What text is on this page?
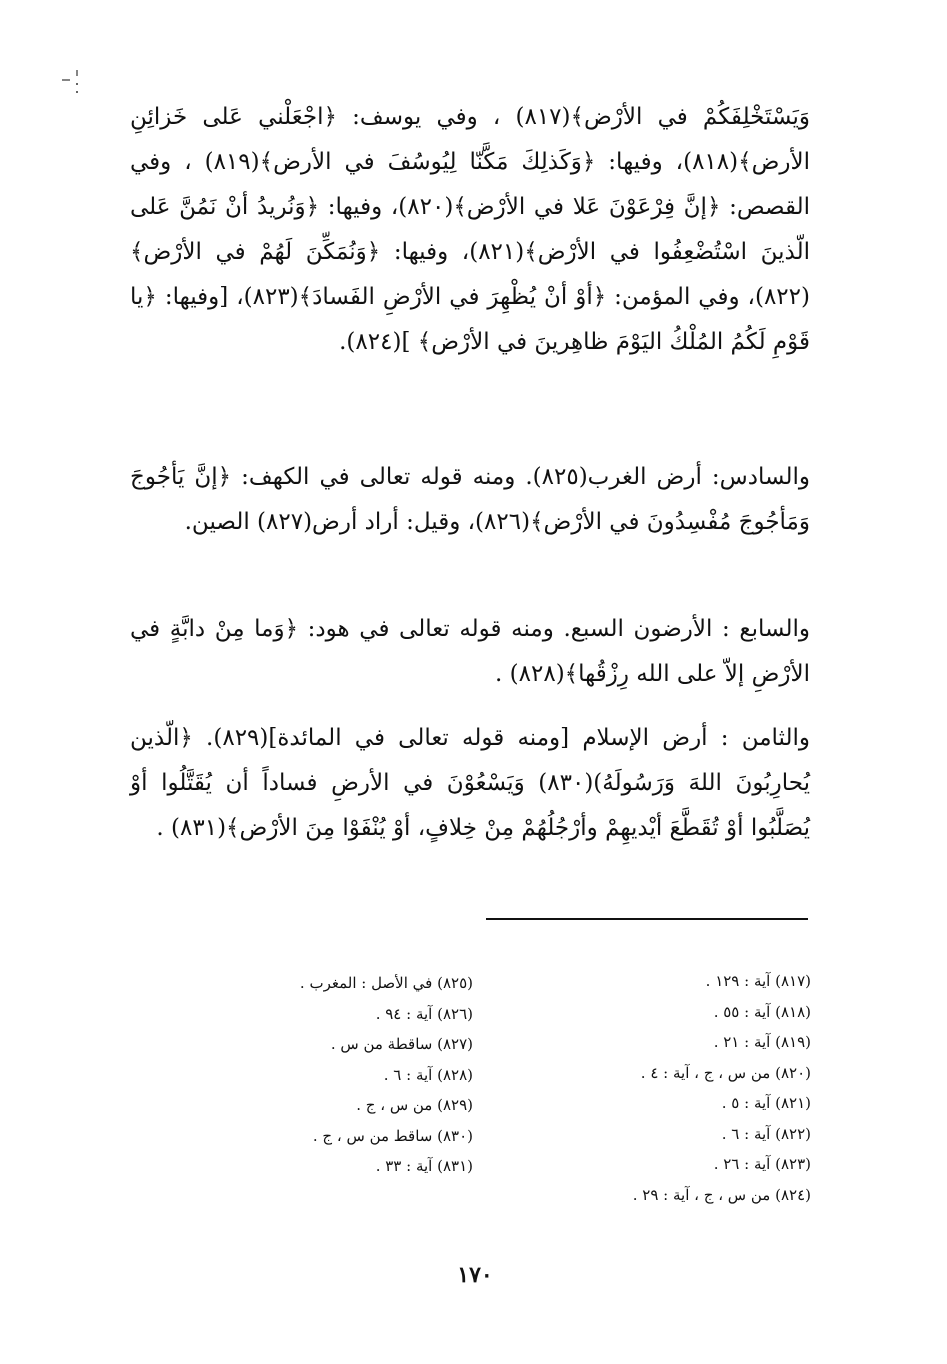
وَيَسْتَخْلِفَكُمْ في الأرْض﴾(٨١٧) ، وفي يوسف: ﴿اجْعَلْني عَلى خَزائِنِ الأرض﴾(٨١٨)، وفيها: ﴿وَكَذلِكَ مَكَّنّا لِيُوسُفَ في الأرض﴾(٨١٩) ، وفي القصص: ﴿إنَّ فِرْعَوْنَ عَلا في الأرْض﴾(٨٢٠)، وفيها: ﴿وَنُريدُ أنْ نَمُنَّ عَلى الّذينَ اسْتُضْعِفُوا في الأرْض﴾(٨٢١)، وفيها: ﴿وَنُمَكِّنَ لَهُمْ في الأرْض﴾(٨٢٢)، وفي المؤمن: ﴿أوْ أنْ يُظْهِرَ في الأرْضِ الفَسادَ﴾(٨٢٣)، [وفيها: ﴿يا قَوْمِ لَكُمُ المُلْكُ اليَوْمَ ظاهِرينَ في الأرْض﴾ ](٨٢٤).
والسادس: أرض الغرب(٨٢٥). ومنه قوله تعالى في الكهف: ﴿إنَّ يَأجُوجَ وَمَأجُوجَ مُفْسِدُونَ في الأرْض﴾(٨٢٦)، وقيل: أراد أرض(٨٢٧) الصين.
والسابع : الأرضون السبع. ومنه قوله تعالى في هود: ﴿وَما مِنْ دابَّةٍ في الأرْضِ إلاّ على الله رِزْقُها﴾(٨٢٨) .
والثامن : أرض الإسلام [ومنه قوله تعالى في المائدة](٨٢٩). ﴿الّذين يُحارِبُونَ اللهَ وَرَسُولَهُ)(٨٣٠) وَيَسْعُوْنَ في الأرضِ فساداً أن يُقَتَّلُوا أوْ يُصَلَّبُوا أوْ تُقَطَّعَ أيْديهِمْ وأرْجُلُهُمْ مِنْ خِلافٍ، أوْ يُنْفَوْا مِنَ الأرْض﴾(٨٣١) .
(٨١٧) آية : ١٢٩ .
(٨١٨) آية : ٥٥ .
(٨١٩) آية : ٢١ .
(٨٢٠) من س ، ج ، آية : ٤ .
(٨٢١) آية : ٥ .
(٨٢٢) آية : ٦ .
(٨٢٣) آية : ٢٦ .
(٨٢٤) من س ، ج ، آية : ٢٩ .
(٨٢٥) في الأصل : المغرب .
(٨٢٦) آية : ٩٤ .
(٨٢٧) ساقطة من س .
(٨٢٨) آية : ٦ .
(٨٢٩) من س ، ج .
(٨٣٠) ساقط من س ، ج .
(٨٣١) آية : ٣٣ .
١٧٠
